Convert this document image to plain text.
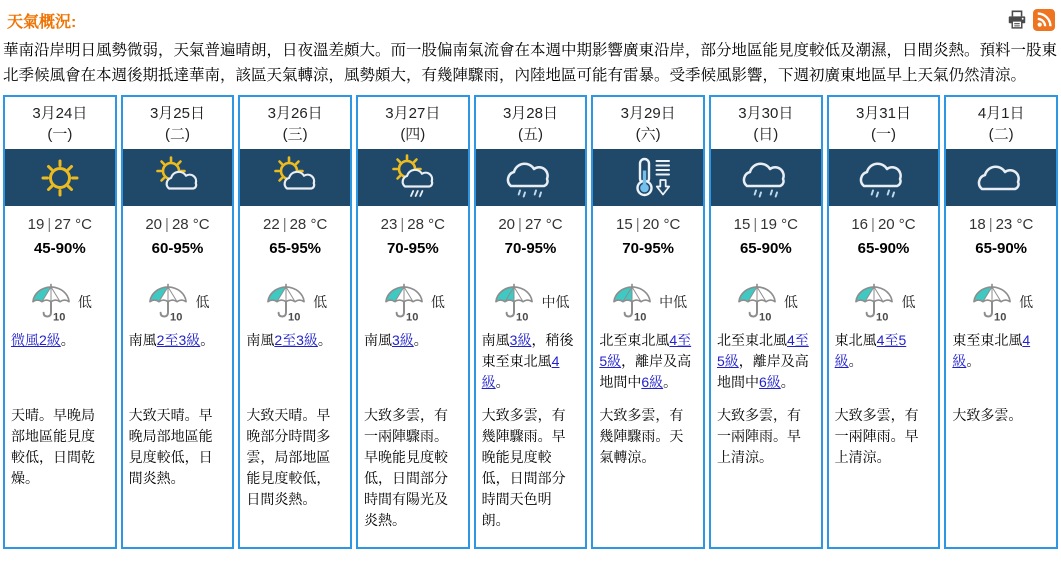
天氣概況:

華南沿岸明日風勢微弱，天氣普遍晴朗，日夜溫差頗大。而一股偏南氣流會在本週中期影響廣東沿岸，部分地區能見度較低及潮濕，日間炎熱。預料一股東北季候風會在本週後期抵達華南，該區天氣轉涼，風勢頗大，有幾陣驟雨，內陸地區可能有雷暴。受季候風影響，下週初廣東地區早上天氣仍然清涼。

3月24日
(一)
19 | 27 °C
45-90%
10
低
微風2級。
天晴。早晚局部地區能見度較低，日間乾燥。
3月25日
(二)
20 | 28 °C
60-95%
10
低
南風2至3級。
大致天晴。早晚局部地區能見度較低，日間炎熱。
3月26日
(三)
22 | 28 °C
65-95%
10
低
南風2至3級。
大致天晴。早晚部分時間多雲，局部地區能見度較低，日間炎熱。
3月27日
(四)
23 | 28 °C
70-95%
10
低
南風3級。
大致多雲，有一兩陣驟雨。早晚能見度較低，日間部分時間有陽光及炎熱。
3月28日
(五)
20 | 27 °C
70-95%
10
中低
南風3級，稍後東至東北風4級。
大致多雲，有幾陣驟雨。早晚能見度較低，日間部分時間天色明朗。
3月29日
(六)
15 | 20 °C
70-95%
10
中低
北至東北風4至5級，離岸及高地間中6級。
大致多雲，有幾陣驟雨。天氣轉涼。
3月30日
(日)
15 | 19 °C
65-90%
10
低
北至東北風4至5級，離岸及高地間中6級。
大致多雲，有一兩陣雨。早上清涼。
3月31日
(一)
16 | 20 °C
65-90%
10
低
東北風4至5級。
大致多雲，有一兩陣雨。早上清涼。
4月1日
(二)
18 | 23 °C
65-90%
10
低
東至東北風4級。
大致多雲。
